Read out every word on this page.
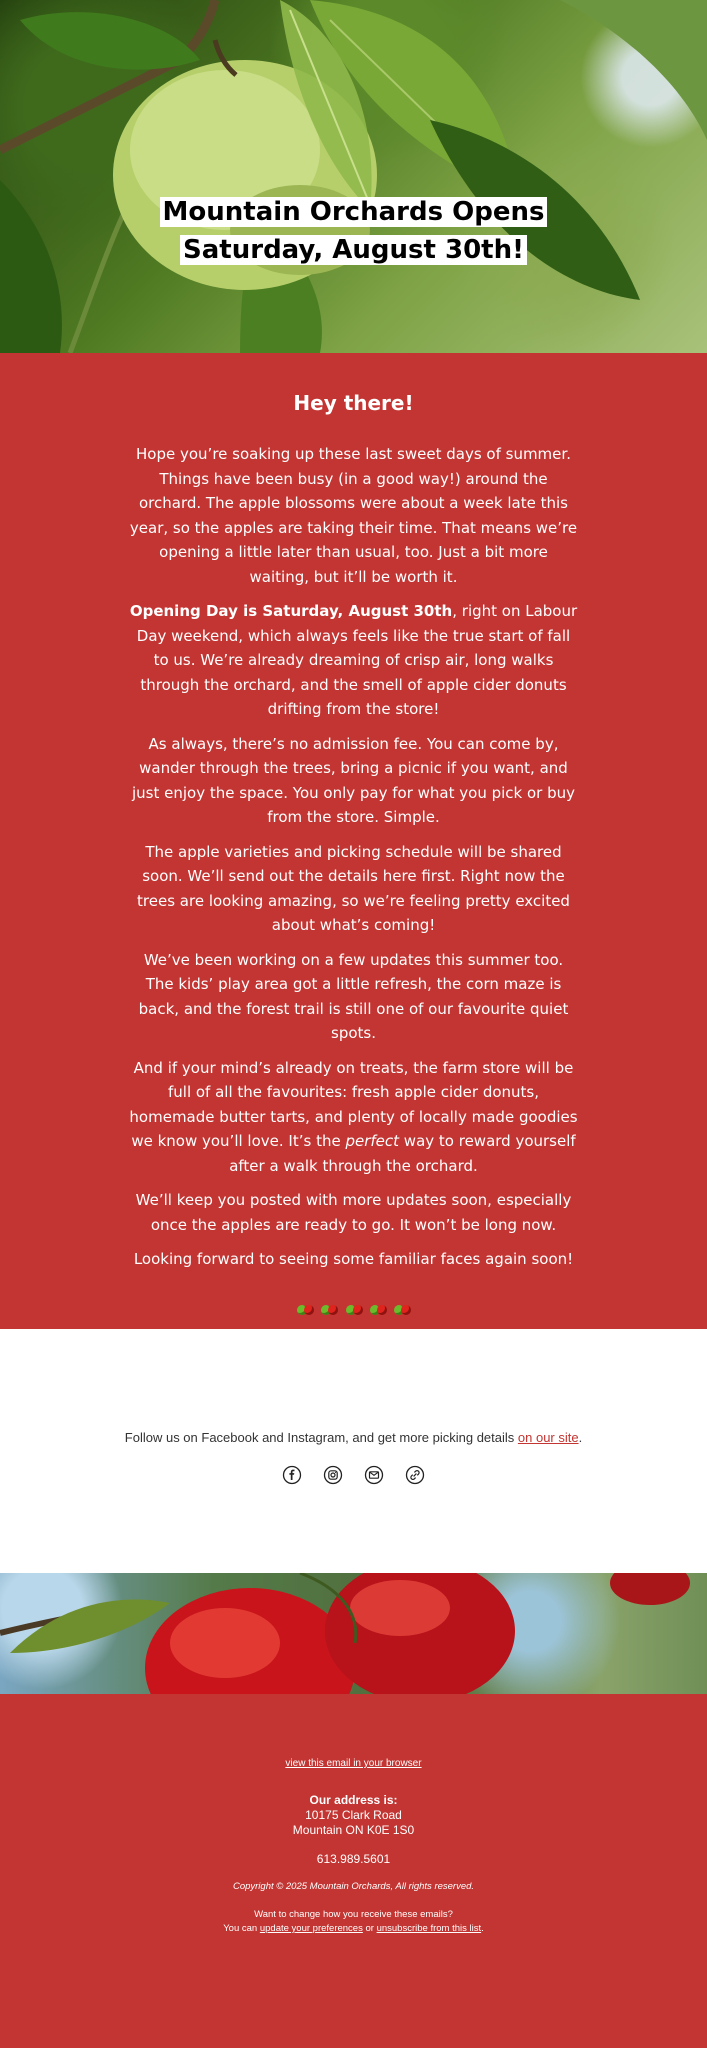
Mountain Orchards Opens
Saturday, August 30th!
Hey there!

Hope you’re soaking up these last sweet days of summer. Things have been busy (in a good way!) around the orchard. The apple blossoms were about a week late this year, so the apples are taking their time. That means we’re opening a little later than usual, too. Just a bit more waiting, but it’ll be worth it.

Opening Day is Saturday, August 30th, right on Labour Day weekend, which always feels like the true start of fall to us. We’re already dreaming of crisp air, long walks through the orchard, and the smell of apple cider donuts drifting from the store!

As always, there’s no admission fee. You can come by, wander through the trees, bring a picnic if you want, and just enjoy the space. You only pay for what you pick or buy from the store. Simple.

The apple varieties and picking schedule will be shared soon. We’ll send out the details here first. Right now the trees are looking amazing, so we’re feeling pretty excited about what’s coming!

We’ve been working on a few updates this summer too. The kids’ play area got a little refresh, the corn maze is back, and the forest trail is still one of our favourite quiet spots.

And if your mind’s already on treats, the farm store will be full of all the favourites: fresh apple cider donuts, homemade butter tarts, and plenty of locally made goodies we know you’ll love. It’s the perfect way to reward yourself after a walk through the orchard.

We’ll keep you posted with more updates soon, especially once the apples are ready to go. It won’t be long now.

Looking forward to seeing some familiar faces again soon!

Newsletter Fun Fact: Koala bears aren’t actually bears at all. They are not even related to the bear family! They’re marsupials. Who knew?

Follow us on Facebook and Instagram, and get more picking details on our site.

view this email in your browser
Our address is:
10175 Clark Road
Mountain ON K0E 1S0
613.989.5601
Copyright © 2025 Mountain Orchards, All rights reserved.
Want to change how you receive these emails?
You can update your preferences or unsubscribe from this list.
